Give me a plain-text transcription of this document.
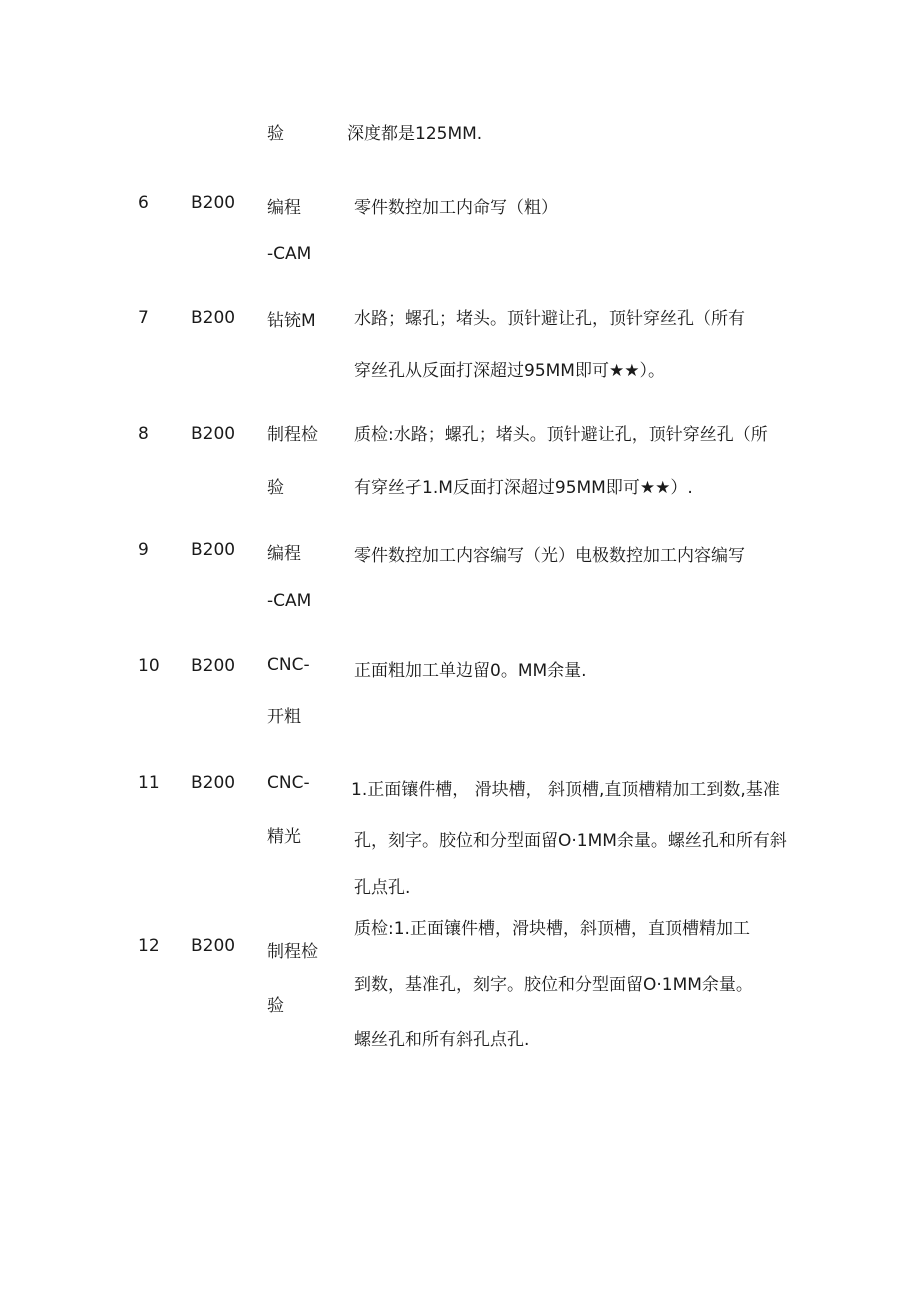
验	深度都是125MM.
6 B200 编程
-CAM
零件数控加工内命写（粗）
7 B200 钻铳M 水路；螺孔；堵头。顶针避让孔，顶针穿丝孔（所有
穿丝孔从反面打深超过95MM即可★★）。
8 B200 制程检
验
质检:水路；螺孔；堵头。顶针避让孔，顶针穿丝孔（所
有穿丝孑1.M反面打深超过95MM即可★★）.
9 B200 编程
-CAM
零件数控加工内容编写（光）电极数控加工内容编写
10 B200 CNC-
开粗
正面粗加工单边留0。MM余量.
11 B200 CNC-
精光
1.正面镶件槽， 滑块槽， 斜顶槽,直顶槽精加工到数,基准
孔，刻字。胶位和分型面留O·1MM余量。螺丝孔和所有斜
孔点孔.
12 B200 制程检
验
质检:1.正面镶件槽，滑块槽，斜顶槽，直顶槽精加工
到数，基准孔，刻字。胶位和分型面留O·1MM余量。
螺丝孔和所有斜孔点孔.
